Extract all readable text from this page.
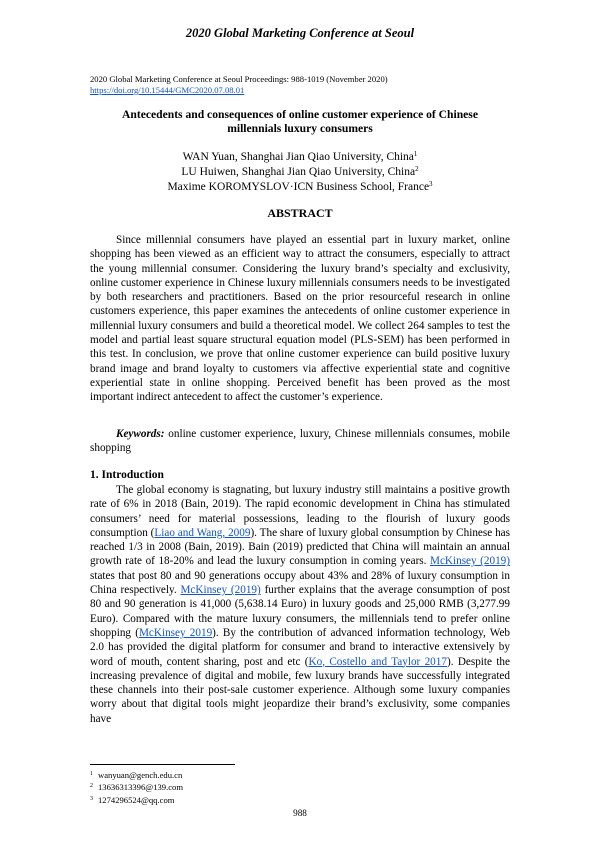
2020 Global Marketing Conference at Seoul
2020 Global Marketing Conference at Seoul Proceedings: 988-1019 (November 2020)
https://doi.org/10.15444/GMC2020.07.08.01
Antecedents and consequences of online customer experience of Chinese
millennials luxury consumers
WAN Yuan, Shanghai Jian Qiao University, China$^1$
LU Huiwen, Shanghai Jian Qiao University, China$^2$
Maxime KOROMYSLOV·ICN Business School, France$^3$
ABSTRACT
Since millennial consumers have played an essential part in luxury market, online shopping has been viewed as an efficient way to attract the consumers, especially to attract the young millennial consumer. Considering the luxury brand’s specialty and exclusivity, online customer experience in Chinese luxury millennials consumers needs to be investigated by both researchers and practitioners. Based on the prior resourceful research in online customers experience, this paper examines the antecedents of online customer experience in millennial luxury consumers and build a theoretical model. We collect 264 samples to test the model and partial least square structural equation model (PLS-SEM) has been performed in this test. In conclusion, we prove that online customer experience can build positive luxury brand image and brand loyalty to customers via affective experiential state and cognitive experiential state in online shopping. Perceived benefit has been proved as the most important indirect antecedent to affect the customer’s experience.
Keywords: online customer experience, luxury, Chinese millennials consumes, mobile shopping
1. Introduction
The global economy is stagnating, but luxury industry still maintains a positive growth rate of 6% in 2018 (Bain, 2019). The rapid economic development in China has stimulated consumers’ need for material possessions, leading to the flourish of luxury goods consumption (Liao and Wang, 2009). The share of luxury global consumption by Chinese has reached 1/3 in 2008 (Bain, 2019). Bain (2019) predicted that China will maintain an annual growth rate of 18-20% and lead the luxury consumption in coming years. McKinsey (2019) states that post 80 and 90 generations occupy about 43% and 28% of luxury consumption in China respectively. McKinsey (2019) further explains that the average consumption of post 80 and 90 generation is 41,000 (5,638.14 Euro) in luxury goods and 25,000 RMB (3,277.99 Euro). Compared with the mature luxury consumers, the millennials tend to prefer online shopping (McKinsey 2019). By the contribution of advanced information technology, Web 2.0 has provided the digital platform for consumer and brand to interactive extensively by word of mouth, content sharing, post and etc (Ko, Costello and Taylor 2017). Despite the increasing prevalence of digital and mobile, few luxury brands have successfully integrated these channels into their post-sale customer experience. Although some luxury companies worry about that digital tools might jeopardize their brand’s exclusivity, some companies have
$^1$ wanyuan@gench.edu.cn
$^2$ 13636313396@139.com
$^3$ 1274296524@qq.com
988
